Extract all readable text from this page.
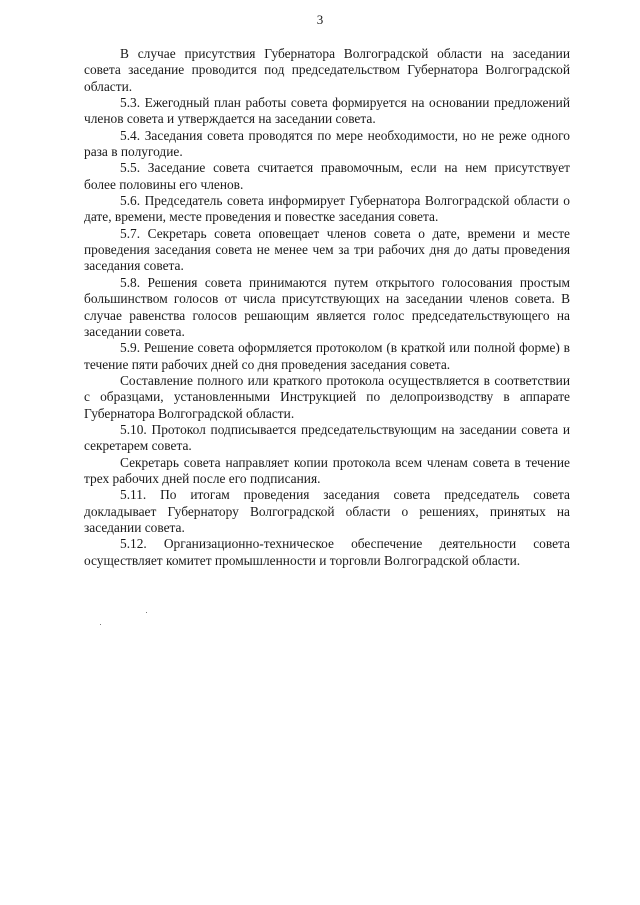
3

В случае присутствия Губернатора Волгоградской области на заседании совета заседание проводится под председательством Губернатора Волгоградской области.

5.3. Ежегодный план работы совета формируется на основании предложений членов совета и утверждается на заседании совета.

5.4. Заседания совета проводятся по мере необходимости, но не реже одного раза в полугодие.

5.5. Заседание совета считается правомочным, если на нем присутствует более половины его членов.

5.6. Председатель совета информирует Губернатора Волгоградской области о дате, времени, месте проведения и повестке заседания совета.

5.7. Секретарь совета оповещает членов совета о дате, времени и месте проведения заседания совета не менее чем за три рабочих дня до даты проведения заседания совета.

5.8. Решения совета принимаются путем открытого голосования простым большинством голосов от числа присутствующих на заседании членов совета. В случае равенства голосов решающим является голос председательствующего на заседании совета.

5.9. Решение совета оформляется протоколом (в краткой или полной форме) в течение пяти рабочих дней со дня проведения заседания совета.

Составление полного или краткого протокола осуществляется в соответствии с образцами, установленными Инструкцией по делопроизводству в аппарате Губернатора Волгоградской области.

5.10. Протокол подписывается председательствующим на заседании совета и секретарем совета.

Секретарь совета направляет копии протокола всем членам совета в течение трех рабочих дней после его подписания.

5.11. По итогам проведения заседания совета председатель совета докладывает Губернатору Волгоградской области о решениях, принятых на заседании совета.

5.12. Организационно-техническое обеспечение деятельности совета осуществляет комитет промышленности и торговли Волгоградской области.
